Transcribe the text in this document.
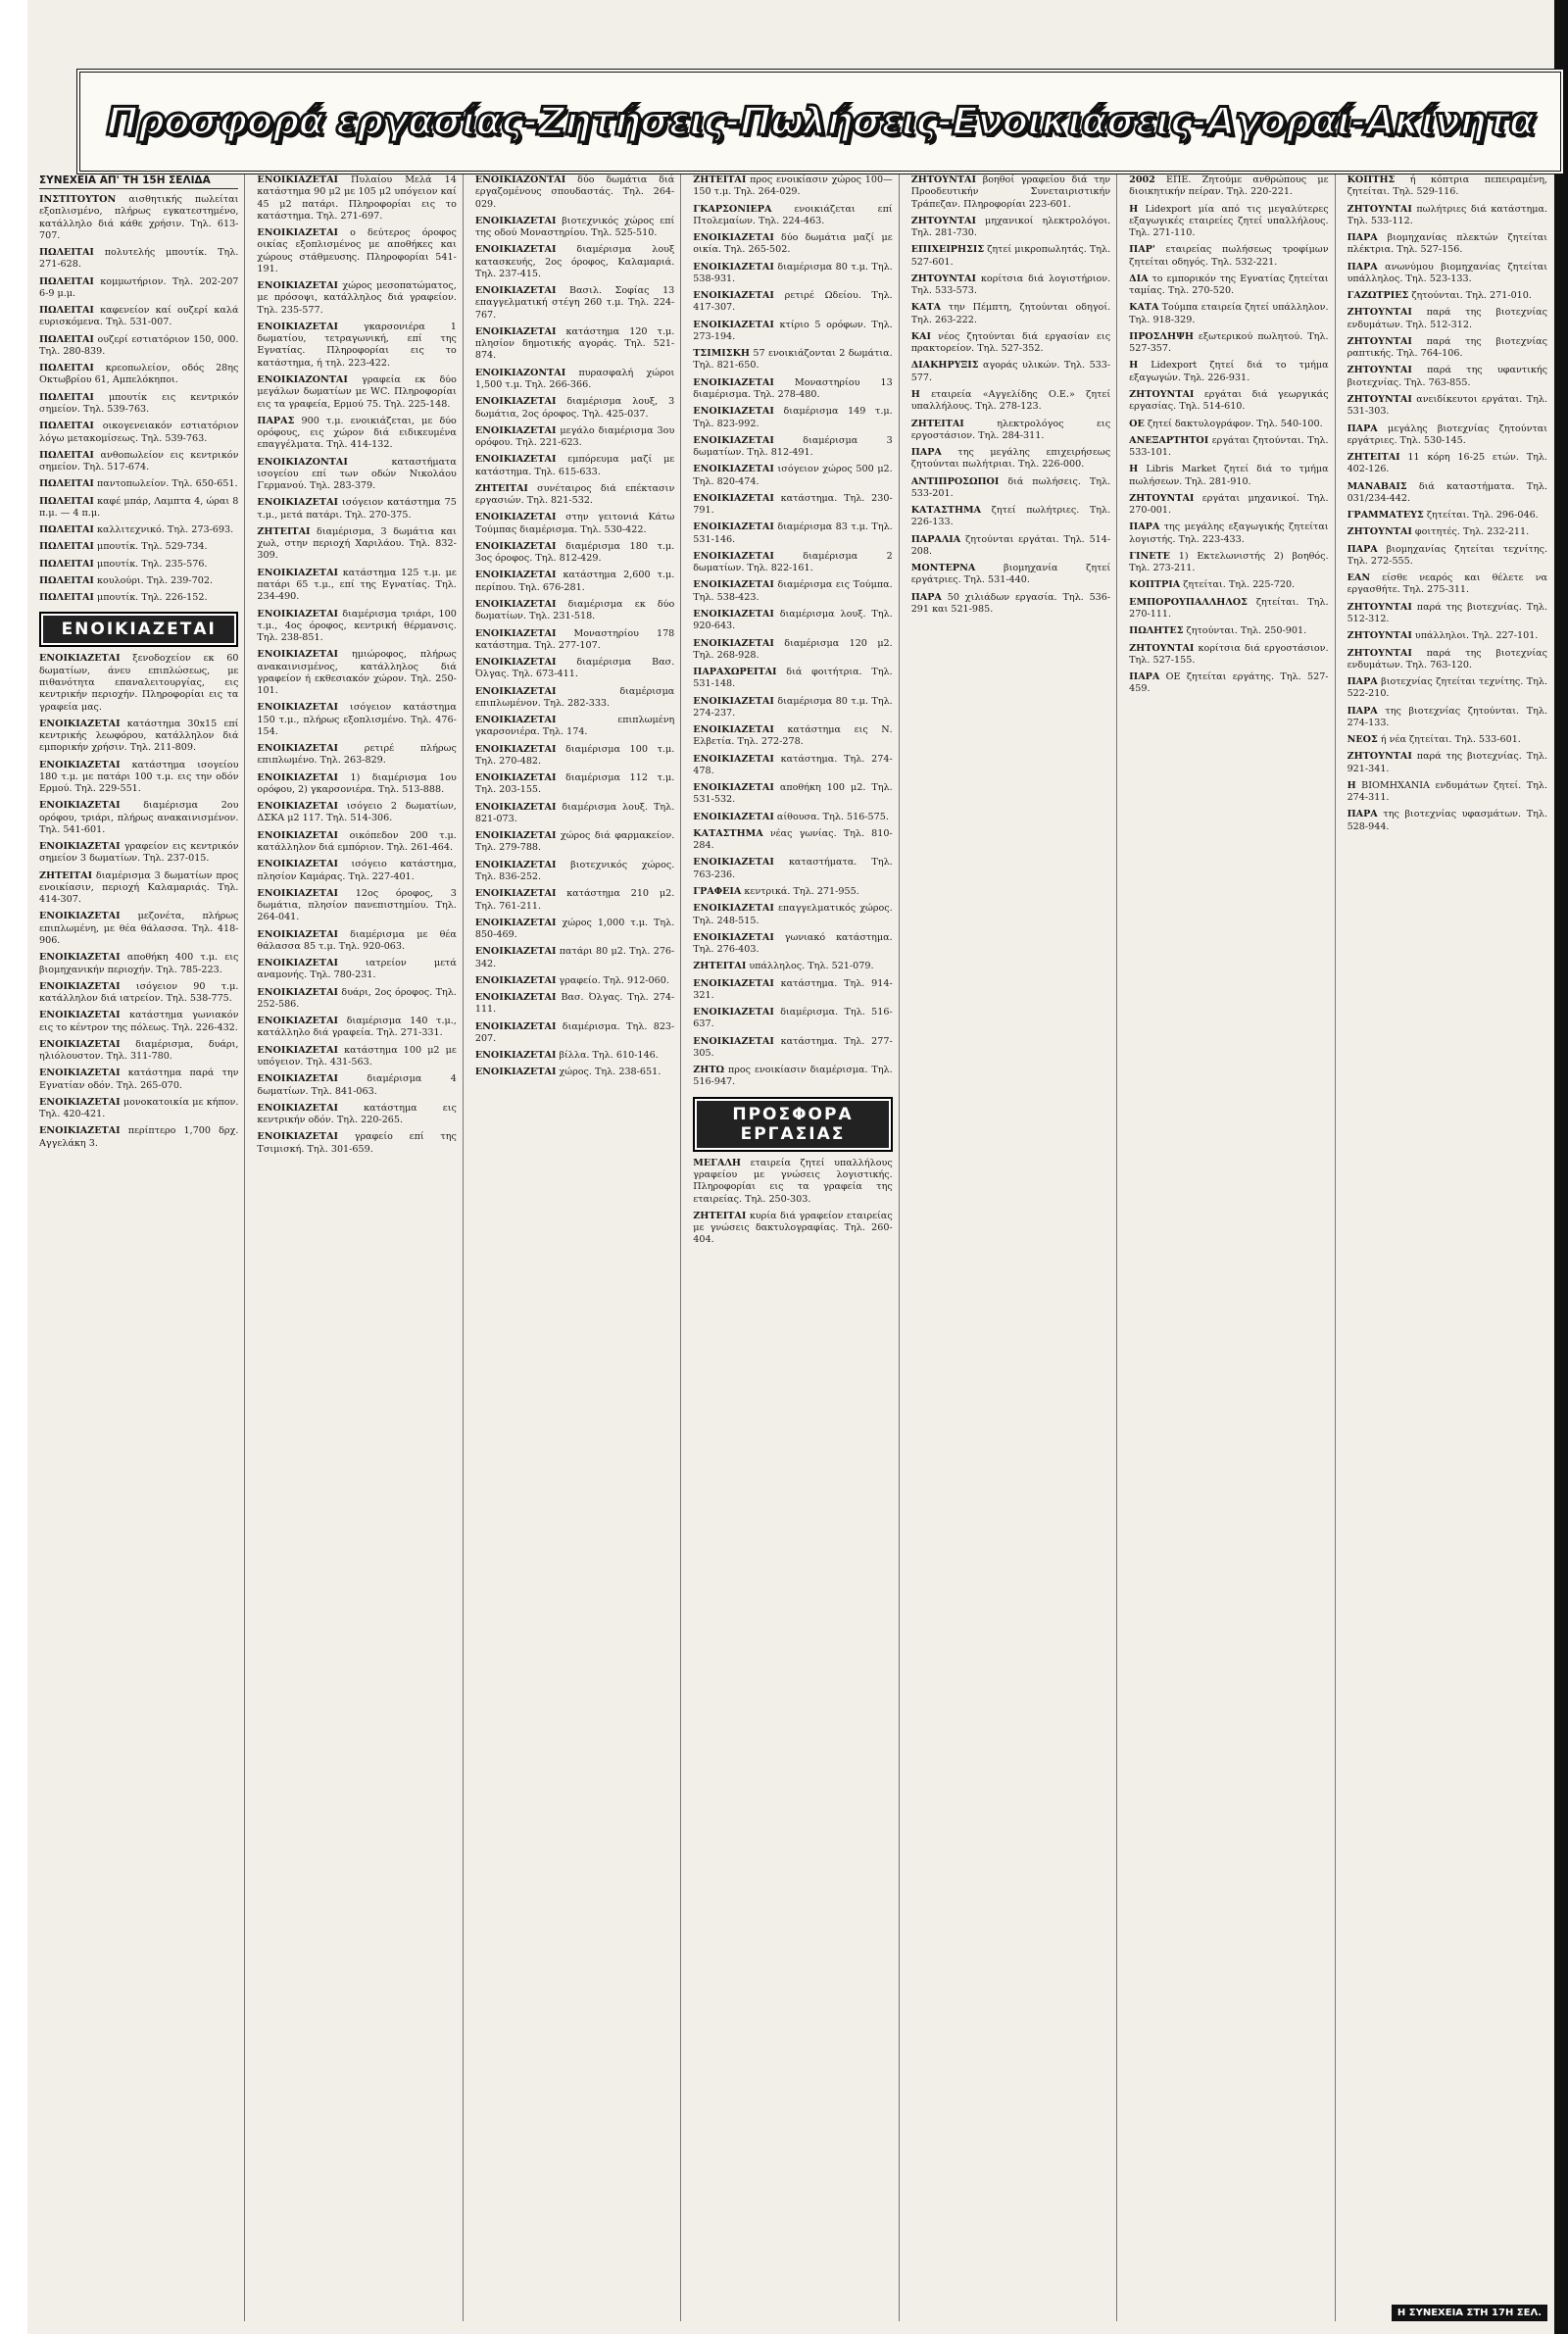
Προσφορά εργασίας-Ζητήσεις-Πωλήσεις-Ενοικιάσεις-Αγοραί-Ακίνητα
ΣΥΝΕΧΕΙΑ ΑΠ' ΤΗ 15Η ΣΕΛΙΔΑ

ΙΝΣΤΙΤΟΥΤΟΝ αισθητικής πωλείται εξοπλισμένο, πλήρως εγκατεστημένο, κατάλληλο διά κάθε χρήσιν. Τηλ. 613-707.

ΠΩΛΕΙΤΑΙ πολυτελής μπουτίκ. Τηλ. 271-628.

ΠΩΛΕΙΤΑΙ κομμωτήριον. Τηλ. 202-207 6-9 μ.μ.

ΠΩΛΕΙΤΑΙ καφενείον καί ουζερί καλά ευρισκόμενα. Τηλ. 531-007.

ΠΩΛΕΙΤΑΙ ουζερί εστιατόριον 150, 000. Τηλ. 280-839.

ΠΩΛΕΙΤΑΙ κρεοπωλείον, οδός 28ης Οκτωβρίου 61, Αμπελόκηποι.

ΠΩΛΕΙΤΑΙ μπουτίκ εις κεντρικόν σημείον. Τηλ. 539-763.

ΠΩΛΕΙΤΑΙ οικογενειακόν εστιατόριον λόγω μετακομίσεως. Τηλ. 539-763.

ΠΩΛΕΙΤΑΙ ανθοπωλείον εις κεντρικόν σημείον. Τηλ. 517-674.

ΠΩΛΕΙΤΑΙ παντοπωλείον. Τηλ. 650-651.

ΠΩΛΕΙΤΑΙ καφέ μπάρ, Λαμπτα 4, ώραι 8 π.μ. — 4 π.μ.

ΠΩΛΕΙΤΑΙ καλλιτεχνικό. Τηλ. 273-693.

ΠΩΛΕΙΤΑΙ μπουτίκ. Τηλ. 529-734.

ΠΩΛΕΙΤΑΙ μπουτίκ. Τηλ. 235-576.

ΠΩΛΕΙΤΑΙ κουλούρι. Τηλ. 239-702.

ΠΩΛΕΙΤΑΙ μπουτίκ. Τηλ. 226-152.

ΕΝΟΙΚΙΑΖΕΤΑΙ

ΕΝΟΙΚΙΑΖΕΤΑΙ ξενοδοχείον εκ 60 δωματίων, άνευ επιπλώσεως, με πιθανότητα επαναλειτουργίας, εις κεντρικήν περιοχήν. Πληροφορίαι εις τα γραφεία μας.

ΕΝΟΙΚΙΑΖΕΤΑΙ κατάστημα 30x15 επί κεντρικής λεωφόρου, κατάλληλον διά εμπορικήν χρήσιν. Τηλ. 211-809.

ΕΝΟΙΚΙΑΖΕΤΑΙ κατάστημα ισογείου 180 τ.μ. με πατάρι 100 τ.μ. εις την οδόν Ερμού. Τηλ. 229-551.

ΕΝΟΙΚΙΑΖΕΤΑΙ διαμέρισμα 2ου ορόφου, τριάρι, πλήρως ανακαινισμένον. Τηλ. 541-601.

ΕΝΟΙΚΙΑΖΕΤΑΙ γραφείον εις κεντρικόν σημείον 3 δωματίων. Τηλ. 237-015.

ΖΗΤΕΙΤΑΙ διαμέρισμα 3 δωματίων προς ενοικίασιν, περιοχή Καλαμαριάς. Τηλ. 414-307.

ΕΝΟΙΚΙΑΖΕΤΑΙ μεζονέτα, πλήρως επιπλωμένη, με θέα θάλασσα. Τηλ. 418-906.

ΕΝΟΙΚΙΑΖΕΤΑΙ αποθήκη 400 τ.μ. εις βιομηχανικήν περιοχήν. Τηλ. 785-223.

ΕΝΟΙΚΙΑΖΕΤΑΙ ισόγειον 90 τ.μ. κατάλληλον διά ιατρείον. Τηλ. 538-775.

ΕΝΟΙΚΙΑΖΕΤΑΙ κατάστημα γωνιακόν εις το κέντρον της πόλεως. Τηλ. 226-432.

ΕΝΟΙΚΙΑΖΕΤΑΙ διαμέρισμα, δυάρι, ηλιόλουστον. Τηλ. 311-780.

ΕΝΟΙΚΙΑΖΕΤΑΙ κατάστημα παρά την Εγνατίαν οδόν. Τηλ. 265-070.

ΕΝΟΙΚΙΑΖΕΤΑΙ μονοκατοικία με κήπον. Τηλ. 420-421.

ΕΝΟΙΚΙΑΖΕΤΑΙ περίπτερο 1,700 δρχ. Αγγελάκη 3.

ΕΝΟΙΚΙΑΖΕΤΑΙ Πυλαίου Μελά 14 κατάστημα 90 μ2 με 105 μ2 υπόγειον καί 45 μ2 πατάρι. Πληροφορίαι εις το κατάστημα. Τηλ. 271-697.

ΕΝΟΙΚΙΑΖΕΤΑΙ ο δεύτερος όροφος οικίας εξοπλισμένος με αποθήκες και χώρους στάθμευσης. Πληροφορίαι 541-191.

ΕΝΟΙΚΙΑΖΕΤΑΙ χώρος μεσοπατώματος, με πρόσοψι, κατάλληλος διά γραφείον. Τηλ. 235-577.

ΕΝΟΙΚΙΑΖΕΤΑΙ γκαρσονιέρα 1 δωματίου, τετραγωνική, επί της Εγνατίας. Πληροφορίαι εις το κατάστημα, ή τηλ. 223-422.

ΕΝΟΙΚΙΑΖΟΝΤΑΙ γραφεία εκ δύο μεγάλων δωματίων με WC. Πληροφορίαι εις τα γραφεία, Ερμού 75. Τηλ. 225-148.

ΠΑΡΑΣ 900 τ.μ. ενοικιάζεται, με δύο ορόφους, εις χώρον διά ειδικευμένα επαγγέλματα. Τηλ. 414-132.

ΕΝΟΙΚΙΑΖΟΝΤΑΙ καταστήματα ισογείου επί των οδών Νικολάου Γερμανού. Τηλ. 283-379.

ΕΝΟΙΚΙΑΖΕΤΑΙ ισόγειον κατάστημα 75 τ.μ., μετά πατάρι. Τηλ. 270-375.

ΖΗΤΕΙΤΑΙ διαμέρισμα, 3 δωμάτια και χωλ, στην περιοχή Χαριλάου. Τηλ. 832-309.

ΕΝΟΙΚΙΑΖΕΤΑΙ κατάστημα 125 τ.μ. με πατάρι 65 τ.μ., επί της Εγνατίας. Τηλ. 234-490.

ΕΝΟΙΚΙΑΖΕΤΑΙ διαμέρισμα τριάρι, 100 τ.μ., 4ος όροφος, κεντρική θέρμανσις. Τηλ. 238-851.

ΕΝΟΙΚΙΑΖΕΤΑΙ ημιώροφος, πλήρως ανακαινισμένος, κατάλληλος διά γραφείον ή εκθεσιακόν χώρον. Τηλ. 250-101.

ΕΝΟΙΚΙΑΖΕΤΑΙ ισόγειον κατάστημα 150 τ.μ., πλήρως εξοπλισμένο. Τηλ. 476-154.

ΕΝΟΙΚΙΑΖΕΤΑΙ ρετιρέ πλήρως επιπλωμένο. Τηλ. 263-829.

ΕΝΟΙΚΙΑΖΕΤΑΙ 1) διαμέρισμα 1ου ορόφου, 2) γκαρσονιέρα. Τηλ. 513-888.

ΕΝΟΙΚΙΑΖΕΤΑΙ ισόγειο 2 δωματίων, ΔΣΚΑ μ2 117. Τηλ. 514-306.

ΕΝΟΙΚΙΑΖΕΤΑΙ οικόπεδον 200 τ.μ. κατάλληλον διά εμπόριον. Τηλ. 261-464.

ΕΝΟΙΚΙΑΖΕΤΑΙ ισόγειο κατάστημα, πλησίον Καμάρας. Τηλ. 227-401.

ΕΝΟΙΚΙΑΖΕΤΑΙ 12ος όροφος, 3 δωμάτια, πλησίον πανεπιστημίου. Τηλ. 264-041.

ΕΝΟΙΚΙΑΖΕΤΑΙ διαμέρισμα με θέα θάλασσα 85 τ.μ. Τηλ. 920-063.

ΕΝΟΙΚΙΑΖΕΤΑΙ ιατρείον μετά αναμονής. Τηλ. 780-231.

ΕΝΟΙΚΙΑΖΕΤΑΙ δυάρι, 2ος όροφος. Τηλ. 252-586.

ΕΝΟΙΚΙΑΖΕΤΑΙ διαμέρισμα 140 τ.μ., κατάλληλο διά γραφεία. Τηλ. 271-331.

ΕΝΟΙΚΙΑΖΕΤΑΙ κατάστημα 100 μ2 με υπόγειον. Τηλ. 431-563.

ΕΝΟΙΚΙΑΖΕΤΑΙ διαμέρισμα 4 δωματίων. Τηλ. 841-063.

ΕΝΟΙΚΙΑΖΕΤΑΙ κατάστημα εις κεντρικήν οδόν. Τηλ. 220-265.

ΕΝΟΙΚΙΑΖΕΤΑΙ γραφείο επί της Τσιμισκή. Τηλ. 301-659.

ΕΝΟΙΚΙΑΖΟΝΤΑΙ δύο δωμάτια διά εργαζομένους σπουδαστάς. Τηλ. 264-029.

ΕΝΟΙΚΙΑΖΕΤΑΙ βιοτεχνικός χώρος επί της οδού Μοναστηρίου. Τηλ. 525-510.

ΕΝΟΙΚΙΑΖΕΤΑΙ διαμέρισμα λουξ κατασκευής, 2ος όροφος, Καλαμαριά. Τηλ. 237-415.

ΕΝΟΙΚΙΑΖΕΤΑΙ Βασιλ. Σοφίας 13 επαγγελματική στέγη 260 τ.μ. Τηλ. 224-767.

ΕΝΟΙΚΙΑΖΕΤΑΙ κατάστημα 120 τ.μ. πλησίον δημοτικής αγοράς. Τηλ. 521-874.

ΕΝΟΙΚΙΑΖΟΝΤΑΙ πυρασφαλή χώροι 1,500 τ.μ. Τηλ. 266-366.

ΕΝΟΙΚΙΑΖΕΤΑΙ διαμέρισμα λουξ, 3 δωμάτια, 2ος όροφος. Τηλ. 425-037.

ΕΝΟΙΚΙΑΖΕΤΑΙ μεγάλο διαμέρισμα 3ου ορόφου. Τηλ. 221-623.

ΕΝΟΙΚΙΑΖΕΤΑΙ εμπόρευμα μαζί με κατάστημα. Τηλ. 615-633.

ΖΗΤΕΙΤΑΙ συνέταιρος διά επέκτασιν εργασιών. Τηλ. 821-532.

ΕΝΟΙΚΙΑΖΕΤΑΙ στην γειτονιά Κάτω Τούμπας διαμέρισμα. Τηλ. 530-422.

ΕΝΟΙΚΙΑΖΕΤΑΙ διαμέρισμα 180 τ.μ. 3ος όροφος. Τηλ. 812-429.

ΕΝΟΙΚΙΑΖΕΤΑΙ κατάστημα 2,600 τ.μ. περίπου. Τηλ. 676-281.

ΕΝΟΙΚΙΑΖΕΤΑΙ διαμέρισμα εκ δύο δωματίων. Τηλ. 231-518.

ΕΝΟΙΚΙΑΖΕΤΑΙ Μοναστηρίου 178 κατάστημα. Τηλ. 277-107.

ΕΝΟΙΚΙΑΖΕΤΑΙ διαμέρισμα Βασ. Όλγας. Τηλ. 673-411.

ΕΝΟΙΚΙΑΖΕΤΑΙ διαμέρισμα επιπλωμένον. Τηλ. 282-333.

ΕΝΟΙΚΙΑΖΕΤΑΙ επιπλωμένη γκαρσονιέρα. Τηλ. 174.

ΕΝΟΙΚΙΑΖΕΤΑΙ διαμέρισμα 100 τ.μ. Τηλ. 270-482.

ΕΝΟΙΚΙΑΖΕΤΑΙ διαμέρισμα 112 τ.μ. Τηλ. 203-155.

ΕΝΟΙΚΙΑΖΕΤΑΙ διαμέρισμα λουξ. Τηλ. 821-073.

ΕΝΟΙΚΙΑΖΕΤΑΙ χώρος διά φαρμακείον. Τηλ. 279-788.

ΕΝΟΙΚΙΑΖΕΤΑΙ βιοτεχνικός χώρος. Τηλ. 836-252.

ΕΝΟΙΚΙΑΖΕΤΑΙ κατάστημα 210 μ2. Τηλ. 761-211.

ΕΝΟΙΚΙΑΖΕΤΑΙ χώρος 1,000 τ.μ. Τηλ. 850-469.

ΕΝΟΙΚΙΑΖΕΤΑΙ πατάρι 80 μ2. Τηλ. 276-342.

ΕΝΟΙΚΙΑΖΕΤΑΙ γραφείο. Τηλ. 912-060.

ΕΝΟΙΚΙΑΖΕΤΑΙ Βασ. Όλγας. Τηλ. 274-111.

ΕΝΟΙΚΙΑΖΕΤΑΙ διαμέρισμα. Τηλ. 823-207.

ΕΝΟΙΚΙΑΖΕΤΑΙ βίλλα. Τηλ. 610-146.

ΕΝΟΙΚΙΑΖΕΤΑΙ χώρος. Τηλ. 238-651.

ΖΗΤΕΙΤΑΙ προς ενοικίασιν χώρος 100—150 τ.μ. Τηλ. 264-029.

ΓΚΑΡΣΟΝΙΕΡΑ ενοικιάζεται επί Πτολεμαίων. Τηλ. 224-463.

ΕΝΟΙΚΙΑΖΕΤΑΙ δύο δωμάτια μαζί με οικία. Τηλ. 265-502.

ΕΝΟΙΚΙΑΖΕΤΑΙ διαμέρισμα 80 τ.μ. Τηλ. 538-931.

ΕΝΟΙΚΙΑΖΕΤΑΙ ρετιρέ Ωδείου. Τηλ. 417-307.

ΕΝΟΙΚΙΑΖΕΤΑΙ κτίριο 5 ορόφων. Τηλ. 273-194.

ΤΣΙΜΙΣΚΗ 57 ενοικιάζονται 2 δωμάτια. Τηλ. 821-650.

ΕΝΟΙΚΙΑΖΕΤΑΙ Μοναστηρίου 13 διαμέρισμα. Τηλ. 278-480.

ΕΝΟΙΚΙΑΖΕΤΑΙ διαμέρισμα 149 τ.μ. Τηλ. 823-992.

ΕΝΟΙΚΙΑΖΕΤΑΙ διαμέρισμα 3 δωματίων. Τηλ. 812-491.

ΕΝΟΙΚΙΑΖΕΤΑΙ ισόγειον χώρος 500 μ2. Τηλ. 820-474.

ΕΝΟΙΚΙΑΖΕΤΑΙ κατάστημα. Τηλ. 230-791.

ΕΝΟΙΚΙΑΖΕΤΑΙ διαμέρισμα 83 τ.μ. Τηλ. 531-146.

ΕΝΟΙΚΙΑΖΕΤΑΙ διαμέρισμα 2 δωματίων. Τηλ. 822-161.

ΕΝΟΙΚΙΑΖΕΤΑΙ διαμέρισμα εις Τούμπα. Τηλ. 538-423.

ΕΝΟΙΚΙΑΖΕΤΑΙ διαμέρισμα λουξ. Τηλ. 920-643.

ΕΝΟΙΚΙΑΖΕΤΑΙ διαμέρισμα 120 μ2. Τηλ. 268-928.

ΠΑΡΑΧΩΡΕΙΤΑΙ διά φοιτήτρια. Τηλ. 531-148.

ΕΝΟΙΚΙΑΖΕΤΑΙ διαμέρισμα 80 τ.μ. Τηλ. 274-237.

ΕΝΟΙΚΙΑΖΕΤΑΙ κατάστημα εις Ν. Ελβετία. Τηλ. 272-278.

ΕΝΟΙΚΙΑΖΕΤΑΙ κατάστημα. Τηλ. 274-478.

ΕΝΟΙΚΙΑΖΕΤΑΙ αποθήκη 100 μ2. Τηλ. 531-532.

ΕΝΟΙΚΙΑΖΕΤΑΙ αίθουσα. Τηλ. 516-575.

ΚΑΤΑΣΤΗΜΑ νέας γωνίας. Τηλ. 810-284.

ΕΝΟΙΚΙΑΖΕΤΑΙ καταστήματα. Τηλ. 763-236.

ΓΡΑΦΕΙΑ κεντρικά. Τηλ. 271-955.

ΕΝΟΙΚΙΑΖΕΤΑΙ επαγγελματικός χώρος. Τηλ. 248-515.

ΕΝΟΙΚΙΑΖΕΤΑΙ γωνιακό κατάστημα. Τηλ. 276-403.

ΖΗΤΕΙΤΑΙ υπάλληλος. Τηλ. 521-079.

ΕΝΟΙΚΙΑΖΕΤΑΙ κατάστημα. Τηλ. 914-321.

ΕΝΟΙΚΙΑΖΕΤΑΙ διαμέρισμα. Τηλ. 516-637.

ΕΝΟΙΚΙΑΖΕΤΑΙ κατάστημα. Τηλ. 277-305.

ΖΗΤΩ προς ενοικίασιν διαμέρισμα. Τηλ. 516-947.

ΠΡΟΣΦΟΡΑ ΕΡΓΑΣΙΑΣ

ΜΕΓΑΛΗ εταιρεία ζητεί υπαλλήλους γραφείου με γνώσεις λογιστικής. Πληροφορίαι εις τα γραφεία της εταιρείας. Τηλ. 250-303.

ΖΗΤΕΙΤΑΙ κυρία διά γραφείον εταιρείας με γνώσεις δακτυλογραφίας. Τηλ. 260-404.

ΖΗΤΟΥΝΤΑΙ βοηθοί γραφείου διά την Προοδευτικήν Συνεταιριστικήν Τράπεζαν. Πληροφορίαι 223-601.

ΖΗΤΟΥΝΤΑΙ μηχανικοί ηλεκτρολόγοι. Τηλ. 281-730.

ΕΠΙΧΕΙΡΗΣΙΣ ζητεί μικροπωλητάς. Τηλ. 527-601.

ΖΗΤΟΥΝΤΑΙ κορίτσια διά λογιστήριον. Τηλ. 533-573.

ΚΑΤΑ την Πέμπτη, ζητούνται οδηγοί. Τηλ. 263-222.

ΚΑΙ νέος ζητούνται διά εργασίαν εις πρακτορείον. Τηλ. 527-352.

ΔΙΑΚΗΡΥΞΙΣ αγοράς υλικών. Τηλ. 533-577.

Η εταιρεία «Αγγελίδης Ο.Ε.» ζητεί υπαλλήλους. Τηλ. 278-123.

ΖΗΤΕΙΤΑΙ ηλεκτρολόγος εις εργοστάσιον. Τηλ. 284-311.

ΠΑΡΑ της μεγάλης επιχειρήσεως ζητούνται πωλήτριαι. Τηλ. 226-000.

ΑΝΤΙΠΡΟΣΩΠΟΙ διά πωλήσεις. Τηλ. 533-201.

ΚΑΤΑΣΤΗΜΑ ζητεί πωλήτριες. Τηλ. 226-133.

ΠΑΡΑΛΙΑ ζητούνται εργάται. Τηλ. 514-208.

ΜΟΝΤΕΡΝΑ βιομηχανία ζητεί εργάτριες. Τηλ. 531-440.

ΠΑΡΑ 50 χιλιάδων εργασία. Τηλ. 536-291 και 521-985.

2002 ΕΠΕ. Ζητούμε ανθρώπους με διοικητικήν πείραν. Τηλ. 220-221.

Η Lidexport μία από τις μεγαλύτερες εξαγωγικές εταιρείες ζητεί υπαλλήλους. Τηλ. 271-110.

ΠΑΡ' εταιρείας πωλήσεως τροφίμων ζητείται οδηγός. Τηλ. 532-221.

ΔΙΑ το εμπορικόν της Εγνατίας ζητείται ταμίας. Τηλ. 270-520.

ΚΑΤΑ Τούμπα εταιρεία ζητεί υπάλληλον. Τηλ. 918-329.

ΠΡΟΣΛΗΨΗ εξωτερικού πωλητού. Τηλ. 527-357.

Η Lidexport ζητεί διά το τμήμα εξαγωγών. Τηλ. 226-931.

ΖΗΤΟΥΝΤΑΙ εργάται διά γεωργικάς εργασίας. Τηλ. 514-610.

ΟΕ ζητεί δακτυλογράφον. Τηλ. 540-100.

ΑΝΕΞΑΡΤΗΤΟΙ εργάται ζητούνται. Τηλ. 533-101.

Η Libris Market ζητεί διά το τμήμα πωλήσεων. Τηλ. 281-910.

ΖΗΤΟΥΝΤΑΙ εργάται μηχανικοί. Τηλ. 270-001.

ΠΑΡΑ της μεγάλης εξαγωγικής ζητείται λογιστής. Τηλ. 223-433.

ΓΙΝΕΤΕ 1) Εκτελωνιστής 2) βοηθός. Τηλ. 273-211.

ΚΟΠΤΡΙΑ ζητείται. Τηλ. 225-720.

ΕΜΠΟΡΟΥΠΑΛΛΗΛΟΣ ζητείται. Τηλ. 270-111.

ΠΩΛΗΤΕΣ ζητούνται. Τηλ. 250-901.

ΖΗΤΟΥΝΤΑΙ κορίτσια διά εργοστάσιον. Τηλ. 527-155.

ΠΑΡΑ ΟΕ ζητείται εργάτης. Τηλ. 527-459.

ΚΟΠΤΗΣ ή κόπτρια πεπειραμένη, ζητείται. Τηλ. 529-116.

ΖΗΤΟΥΝΤΑΙ πωλήτριες διά κατάστημα. Τηλ. 533-112.

ΠΑΡΑ βιομηχανίας πλεκτών ζητείται πλέκτρια. Τηλ. 527-156.

ΠΑΡΑ ανωνύμου βιομηχανίας ζητείται υπάλληλος. Τηλ. 523-133.

ΓΑΖΩΤΡΙΕΣ ζητούνται. Τηλ. 271-010.

ΖΗΤΟΥΝΤΑΙ παρά της βιοτεχνίας ενδυμάτων. Τηλ. 512-312.

ΖΗΤΟΥΝΤΑΙ παρά της βιοτεχνίας ραπτικής. Τηλ. 764-106.

ΖΗΤΟΥΝΤΑΙ παρά της υφαντικής βιοτεχνίας. Τηλ. 763-855.

ΖΗΤΟΥΝΤΑΙ ανειδίκευτοι εργάται. Τηλ. 531-303.

ΠΑΡΑ μεγάλης βιοτεχνίας ζητούνται εργάτριες. Τηλ. 530-145.

ΖΗΤΕΙΤΑΙ 11 κόρη 16-25 ετών. Τηλ. 402-126.

ΜΑΝΑΒΑΙΣ διά καταστήματα. Τηλ. 031/234-442.

ΓΡΑΜΜΑΤΕΥΣ ζητείται. Τηλ. 296-046.

ΖΗΤΟΥΝΤΑΙ φοιτητές. Τηλ. 232-211.

ΠΑΡΑ βιομηχανίας ζητείται τεχνίτης. Τηλ. 272-555.

ΕΑΝ είσθε νεαρός και θέλετε να εργασθήτε. Τηλ. 275-311.

ΖΗΤΟΥΝΤΑΙ παρά της βιοτεχνίας. Τηλ. 512-312.

ΖΗΤΟΥΝΤΑΙ υπάλληλοι. Τηλ. 227-101.

ΖΗΤΟΥΝΤΑΙ παρά της βιοτεχνίας ενδυμάτων. Τηλ. 763-120.

ΠΑΡΑ βιοτεχνίας ζητείται τεχνίτης. Τηλ. 522-210.

ΠΑΡΑ της βιοτεχνίας ζητούνται. Τηλ. 274-133.

ΝΕΟΣ ή νέα ζητείται. Τηλ. 533-601.

ΖΗΤΟΥΝΤΑΙ παρά της βιοτεχνίας. Τηλ. 921-341.

Η ΒΙΟΜΗΧΑΝΙΑ ενδυμάτων ζητεί. Τηλ. 274-311.

ΠΑΡΑ της βιοτεχνίας υφασμάτων. Τηλ. 528-944.

Η ΣΥΝΕΧΕΙΑ ΣΤΗ 17Η ΣΕΛ.
